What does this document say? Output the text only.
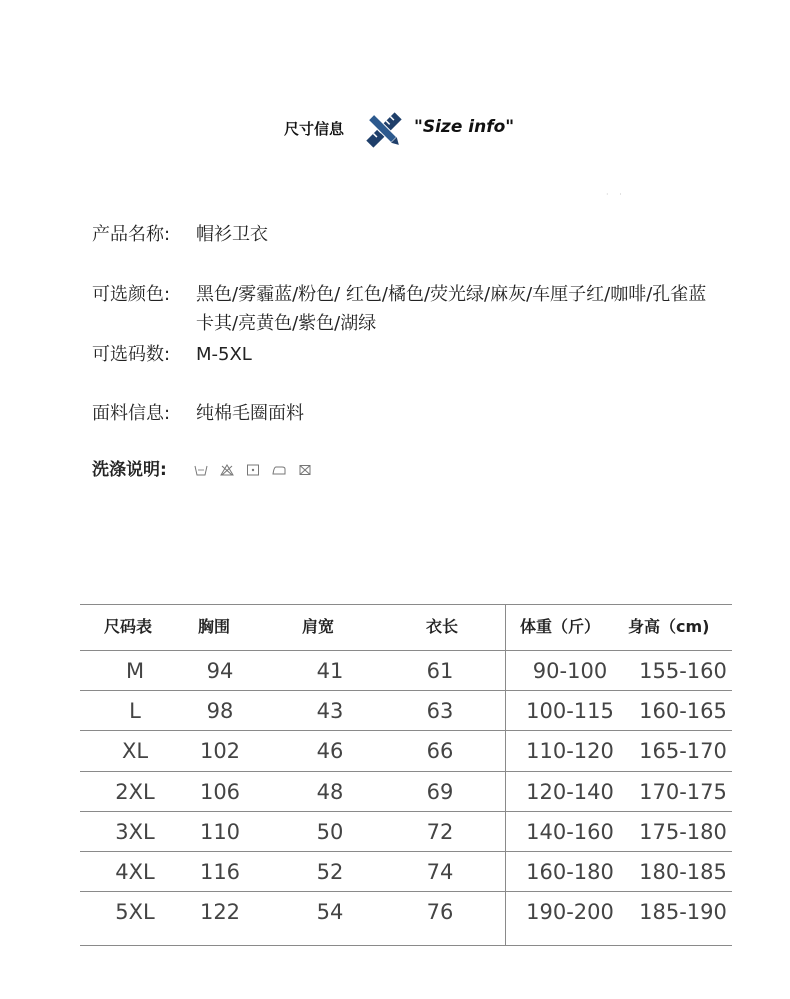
尺寸信息	"Size info"
· ·
产品名称:	帽衫卫衣
可选颜色:	黑色/雾霾蓝/粉色/ 红色/橘色/荧光绿/麻灰/车厘子红/咖啡/孔雀蓝
卡其/亮黄色/紫色/湖绿
可选码数:	M-5XL
面料信息:	纯棉毛圈面料
洗涤说明:
尺码表	胸围	肩宽	衣长	体重（斤） 身高（cm)
M	94	41	61	90-100	155-160
L	98	43	63	100-115	160-165
XL	102	46	66	110-120	165-170
2XL	106	48	69	120-140	170-175
3XL	110	50	72	140-160	175-180
4XL	116	52	74	160-180	180-185
5XL	122	54	76	190-200	185-190
